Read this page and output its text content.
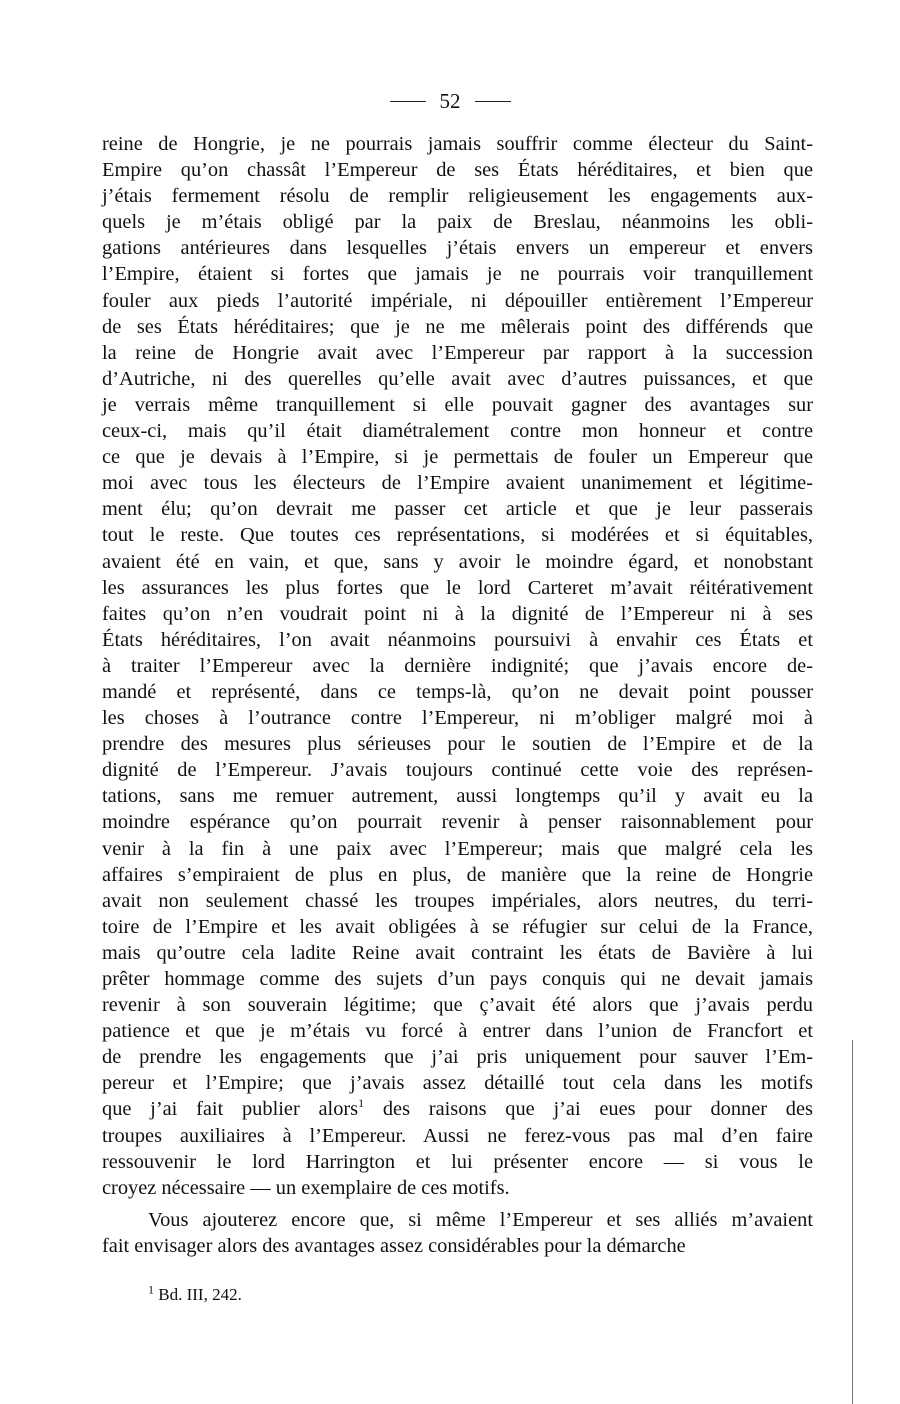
52
reine de Hongrie, je ne pourrais jamais souffrir comme électeur du Saint-
Empire qu’on chassât l’Empereur de ses États héréditaires, et bien que
j’étais fermement résolu de remplir religieusement les engagements aux-
quels je m’étais obligé par la paix de Breslau, néanmoins les obli-
gations antérieures dans lesquelles j’étais envers un empereur et envers
l’Empire, étaient si fortes que jamais je ne pourrais voir tranquillement
fouler aux pieds l’autorité impériale, ni dépouiller entièrement l’Empereur
de ses États héréditaires; que je ne me mêlerais point des différends que
la reine de Hongrie avait avec l’Empereur par rapport à la succession
d’Autriche, ni des querelles qu’elle avait avec d’autres puissances, et que
je verrais même tranquillement si elle pouvait gagner des avantages sur
ceux-ci, mais qu’il était diamétralement contre mon honneur et contre
ce que je devais à l’Empire, si je permettais de fouler un Empereur que
moi avec tous les électeurs de l’Empire avaient unanimement et légitime-
ment élu; qu’on devrait me passer cet article et que je leur passerais
tout le reste. Que toutes ces représentations, si modérées et si équitables,
avaient été en vain, et que, sans y avoir le moindre égard, et nonobstant
les assurances les plus fortes que le lord Carteret m’avait réitérativement
faites qu’on n’en voudrait point ni à la dignité de l’Empereur ni à ses
États héréditaires, l’on avait néanmoins poursuivi à envahir ces États et
à traiter l’Empereur avec la dernière indignité; que j’avais encore de-
mandé et représenté, dans ce temps-là, qu’on ne devait point pousser
les choses à l’outrance contre l’Empereur, ni m’obliger malgré moi à
prendre des mesures plus sérieuses pour le soutien de l’Empire et de la
dignité de l’Empereur. J’avais toujours continué cette voie des représen-
tations, sans me remuer autrement, aussi longtemps qu’il y avait eu la
moindre espérance qu’on pourrait revenir à penser raisonnablement pour
venir à la fin à une paix avec l’Empereur; mais que malgré cela les
affaires s’empiraient de plus en plus, de manière que la reine de Hongrie
avait non seulement chassé les troupes impériales, alors neutres, du terri-
toire de l’Empire et les avait obligées à se réfugier sur celui de la France,
mais qu’outre cela ladite Reine avait contraint les états de Bavière à lui
prêter hommage comme des sujets d’un pays conquis qui ne devait jamais
revenir à son souverain légitime; que ç’avait été alors que j’avais perdu
patience et que je m’étais vu forcé à entrer dans l’union de Francfort et
de prendre les engagements que j’ai pris uniquement pour sauver l’Em-
pereur et l’Empire; que j’avais assez détaillé tout cela dans les motifs
que j’ai fait publier alors$^1$ des raisons que j’ai eues pour donner des
troupes auxiliaires à l’Empereur. Aussi ne ferez-vous pas mal d’en faire
ressouvenir le lord Harrington et lui présenter encore — si vous le
croyez nécessaire — un exemplaire de ces motifs.
Vous ajouterez encore que, si même l’Empereur et ses alliés m’avaient
fait envisager alors des avantages assez considérables pour la démarche
$^1$ Bd. III, 242.
